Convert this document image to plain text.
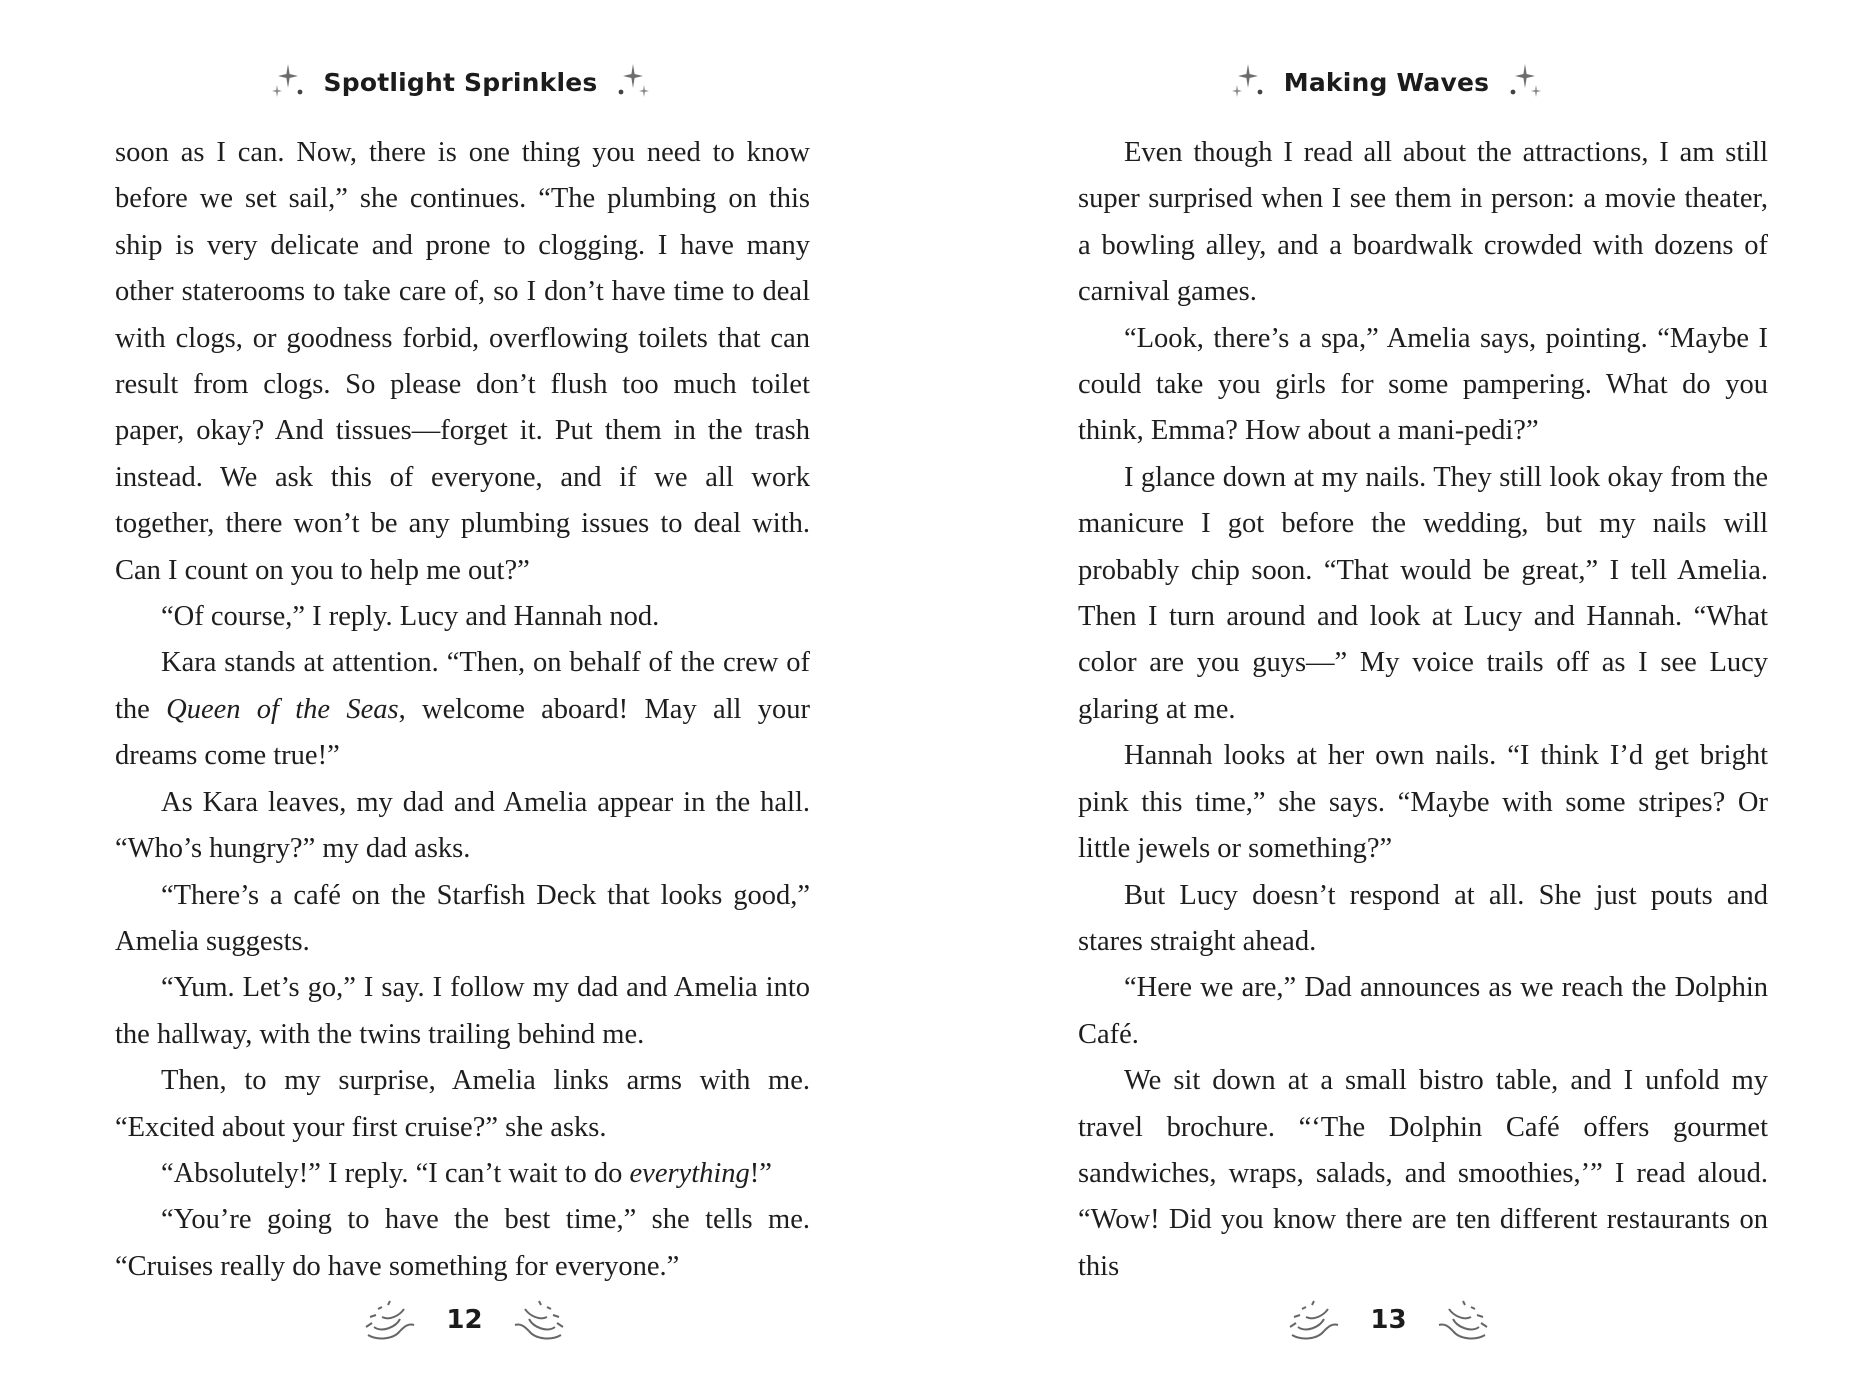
Spotlight Sprinkles

soon as I can. Now, there is one thing you need to know before we set sail,” she continues. “The plumbing on this ship is very delicate and prone to clogging. I have many other staterooms to take care of, so I don’t have time to deal with clogs, or goodness forbid, overflowing toilets that can result from clogs. So please don’t flush too much toilet paper, okay? And tissues—forget it. Put them in the trash instead. We ask this of everyone, and if we all work together, there won’t be any plumbing issues to deal with. Can I count on you to help me out?”

“Of course,” I reply. Lucy and Hannah nod.

Kara stands at attention. “Then, on behalf of the crew of the Queen of the Seas, welcome aboard! May all your dreams come true!”

As Kara leaves, my dad and Amelia appear in the hall. “Who’s hungry?” my dad asks.

“There’s a café on the Starfish Deck that looks good,” Amelia suggests.

“Yum. Let’s go,” I say. I follow my dad and Amelia into the hallway, with the twins trailing behind me.

Then, to my surprise, Amelia links arms with me. “Excited about your first cruise?” she asks.

“Absolutely!” I reply. “I can’t wait to do everything!”

“You’re going to have the best time,” she tells me. “Cruises really do have something for everyone.”

12
Making Waves

Even though I read all about the attractions, I am still super surprised when I see them in person: a movie theater, a bowling alley, and a boardwalk crowded with dozens of carnival games.

“Look, there’s a spa,” Amelia says, pointing. “Maybe I could take you girls for some pampering. What do you think, Emma? How about a mani-pedi?”

I glance down at my nails. They still look okay from the manicure I got before the wedding, but my nails will probably chip soon. “That would be great,” I tell Amelia. Then I turn around and look at Lucy and Hannah. “What color are you guys—” My voice trails off as I see Lucy glaring at me.

Hannah looks at her own nails. “I think I’d get bright pink this time,” she says. “Maybe with some stripes? Or little jewels or something?”

But Lucy doesn’t respond at all. She just pouts and stares straight ahead.

“Here we are,” Dad announces as we reach the Dolphin Café.

We sit down at a small bistro table, and I unfold my travel brochure. “‘The Dolphin Café offers gourmet sandwiches, wraps, salads, and smoothies,’” I read aloud. “Wow! Did you know there are ten different restaurants on this

13
